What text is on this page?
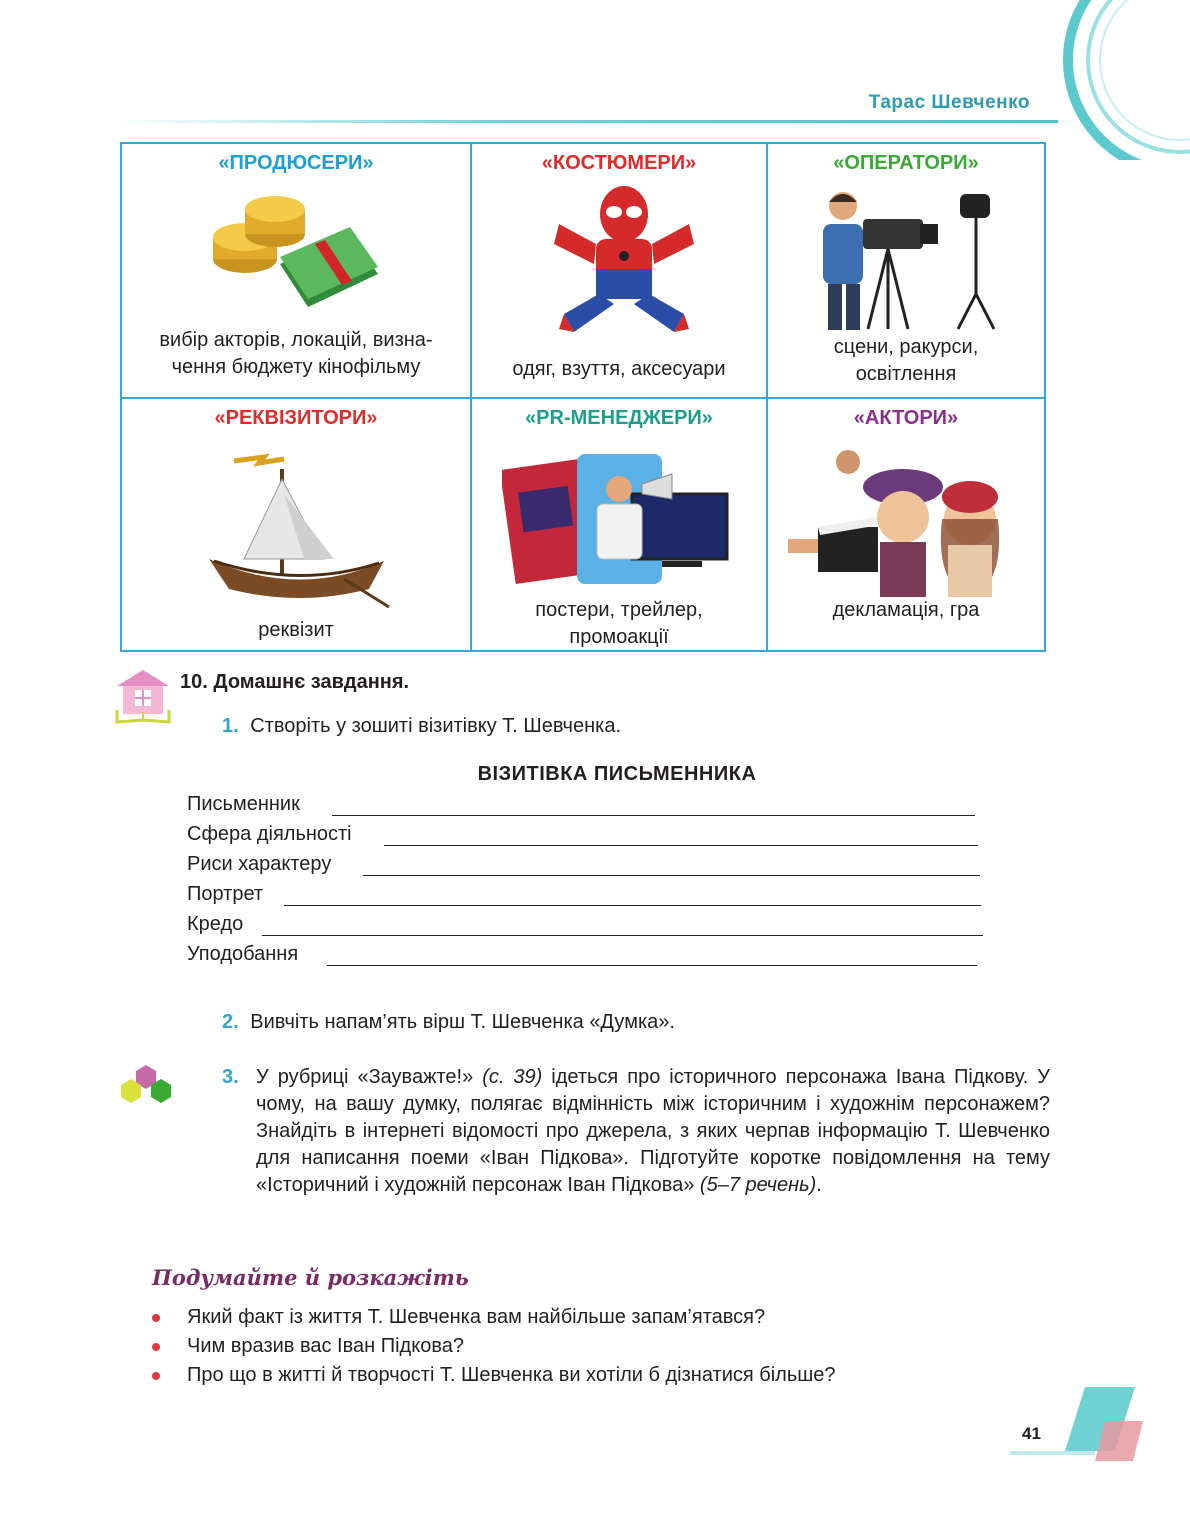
Тарас Шевченко
«ПРОДЮСЕРИ»
вибір акторів, локацій, визна-
чення бюджету кінофільму
«КОСТЮМЕРИ»
одяг, взуття, аксесуари
«ОПЕРАТОРИ»
сцени, ракурси,
освітлення
«РЕКВІЗИТОРИ»
реквізит
«PR-МЕНЕДЖЕРИ»
постери, трейлер,
промоакції
«АКТОРИ»
декламація, гра
10. Домашнє завдання.
1. Створіть у зошиті візитівку Т. Шевченка.
ВІЗИТІВКА ПИСЬМЕННИКА
Письменник
Сфера діяльності
Риси характеру
Портрет
Кредо
Уподобання
2. Вивчіть напам’ять вірш Т. Шевченка «Думка».
3. У рубриці «Зауважте!» (с. 39) ідеться про історичного персонажа Івана Підкову. У чому, на вашу думку, полягає відмінність між історичним і художнім персонажем? Знайдіть в інтернеті відомості про джерела, з яких черпав інформацію Т. Шевченко для написання поеми «Іван Підкова». Підготуйте коротке повідомлення на тему «Історичний і художній персонаж Іван Підкова» (5–7 речень).
Подумайте й розкажіть
Який факт із життя Т. Шевченка вам найбільше запам’ятався?
Чим вразив вас Іван Підкова?
Про що в житті й творчості Т. Шевченка ви хотіли б дізнатися більше?
41
